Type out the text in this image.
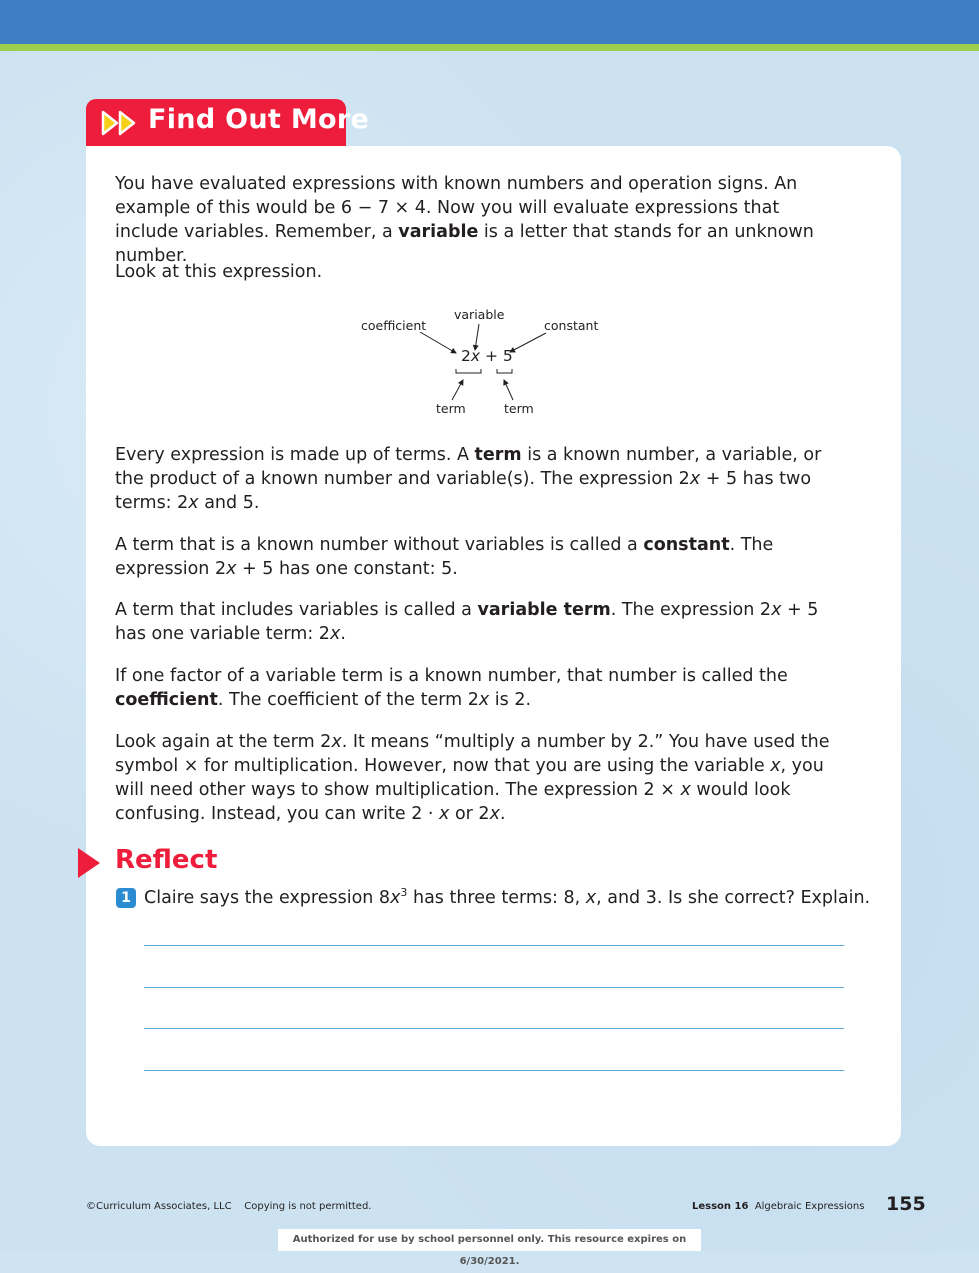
Find Out More

You have evaluated expressions with known numbers and operation signs. An example of this would be 6 − 7 × 4. Now you will evaluate expressions that include variables. Remember, a variable is a letter that stands for an unknown number.

Look at this expression.

variable
coefficient	constant
2x + 5
term	term

Every expression is made up of terms. A term is a known number, a variable, or the product of a known number and variable(s). The expression 2x + 5 has two terms: 2x and 5.

A term that is a known number without variables is called a constant. The expression 2x + 5 has one constant: 5.

A term that includes variables is called a variable term. The expression 2x + 5 has one variable term: 2x.

If one factor of a variable term is a known number, that number is called the coefficient. The coefficient of the term 2x is 2.

Look again at the term 2x. It means “multiply a number by 2.” You have used the symbol × for multiplication. However, now that you are using the variable x, you will need other ways to show multiplication. The expression 2 × x would look confusing. Instead, you can write 2 · x or 2x.

Reflect
1 Claire says the expression $8x^3$ has three terms: 8, x, and 3. Is she correct? Explain.
©Curriculum Associates, LLC    Copying is not permitted.	Lesson 16 Algebraic Expressions 155
Authorized for use by school personnel only. This resource expires on 6/30/2021.
